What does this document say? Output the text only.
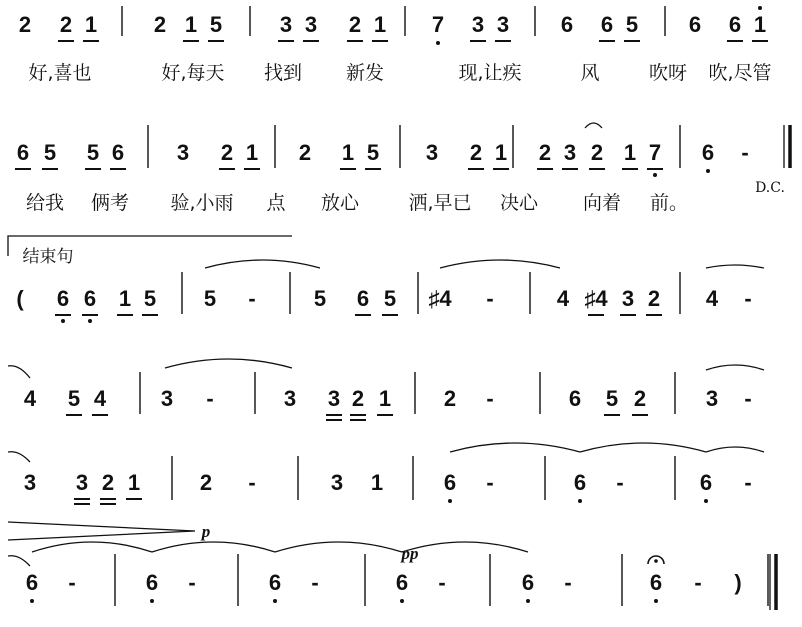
结束句
D.C.
p
pp
2 2 1	2 1 5	3 3 2 1 7 3 3 6 6 5 6 6 1
好,喜也	好,每天 找到 新发	现,让疾	风	吹呀 吹,尽管
6 5 5 6 3 2 1 2 1 5 3 2 1 2 3 2 1 7 6 -
给我 俩考 验,小雨 点 放心	洒,早已 决心 向着 前。
( 6 6 1 5 5 -	5 6 5 ♯4 -	4 ♯4 3 2 4 -
4 5 4 3 -	3 3 2 1 2 -	6 5 2	3 -
3 3 2 1	2 -	3 1	6 -	6 -	6 -
6 -	6 -	6 -	6 -	6 -	6 - )
